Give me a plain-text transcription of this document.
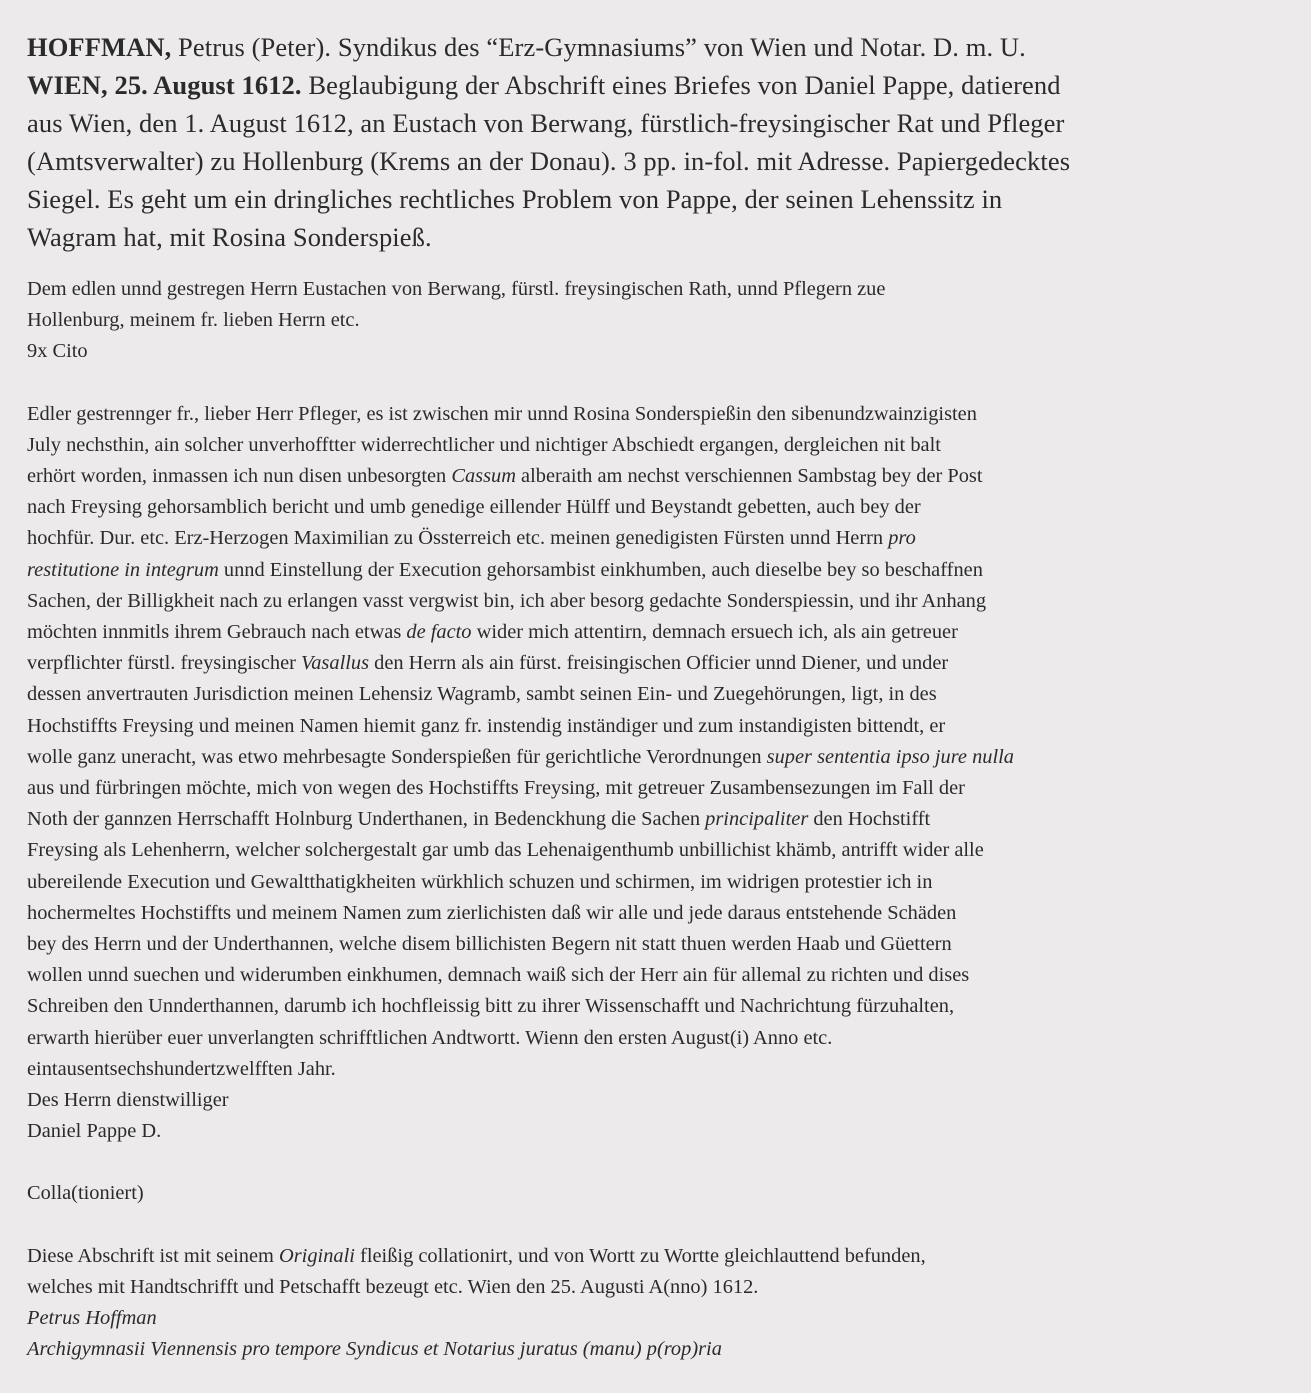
HOFFMAN, Petrus (Peter). Syndikus des “Erz-Gymnasiums” von Wien und Notar. D. m. U.
WIEN, 25. August 1612. Beglaubigung der Abschrift eines Briefes von Daniel Pappe, datierend
aus Wien, den 1. August 1612, an Eustach von Berwang, fürstlich-freysingischer Rat und Pfleger
(Amtsverwalter) zu Hollenburg (Krems an der Donau). 3 pp. in-fol. mit Adresse. Papiergedecktes
Siegel. Es geht um ein dringliches rechtliches Problem von Pappe, der seinen Lehenssitz in
Wagram hat, mit Rosina Sonderspieß.
Dem edlen unnd gestregen Herrn Eustachen von Berwang, fürstl. freysingischen Rath, unnd Pflegern zue
Hollenburg, meinem fr. lieben Herrn etc.
9x Cito
Edler gestrennger fr., lieber Herr Pfleger, es ist zwischen mir unnd Rosina Sonderspießin den sibenundzwainzigisten
July nechsthin, ain solcher unverhofftter widerrechtlicher und nichtiger Abschiedt ergangen, dergleichen nit balt
erhört worden, inmassen ich nun disen unbesorgten Cassum alberaith am nechst verschiennen Sambstag bey der Post
nach Freysing gehorsamblich bericht und umb genedige eillender Hülff und Beystandt gebetten, auch bey der
hochfür. Dur. etc. Erz-Herzogen Maximilian zu Össterreich etc. meinen genedigisten Fürsten unnd Herrn pro
restitutione in integrum unnd Einstellung der Execution gehorsambist einkhumben, auch dieselbe bey so beschaffnen
Sachen, der Billigkheit nach zu erlangen vasst vergwist bin, ich aber besorg gedachte Sonderspiessin, und ihr Anhang
möchten innmitls ihrem Gebrauch nach etwas de facto wider mich attentirn, demnach ersuech ich, als ain getreuer
verpflichter fürstl. freysingischer Vasallus den Herrn als ain fürst. freisingischen Officier unnd Diener, und under
dessen anvertrauten Jurisdiction meinen Lehensiz Wagramb, sambt seinen Ein- und Zuegehörungen, ligt, in des
Hochstiffts Freysing und meinen Namen hiemit ganz fr. instendig inständiger und zum instandigisten bittendt, er
wolle ganz uneracht, was etwo mehrbesagte Sonderspießen für gerichtliche Verordnungen super sententia ipso jure nulla
aus und fürbringen möchte, mich von wegen des Hochstiffts Freysing, mit getreuer Zusambensezungen im Fall der
Noth der gannzen Herrschafft Holnburg Underthanen, in Bedenckhung die Sachen principaliter den Hochstifft
Freysing als Lehenherrn, welcher solchergestalt gar umb das Lehenaigenthumb unbillichist khämb, antrifft wider alle
ubereilende Execution und Gewaltthatigkheiten würkhlich schuzen und schirmen, im widrigen protestier ich in
hochermeltes Hochstiffts und meinem Namen zum zierlichisten daß wir alle und jede daraus entstehende Schäden
bey des Herrn und der Underthannen, welche disem billichisten Begern nit statt thuen werden Haab und Güettern
wollen unnd suechen und widerumben einkhumen, demnach waiß sich der Herr ain für allemal zu richten und dises
Schreiben den Unnderthannen, darumb ich hochfleissig bitt zu ihrer Wissenschafft und Nachrichtung fürzuhalten,
erwarth hierüber euer unverlangten schrifftlichen Andtwortt. Wienn den ersten August(i) Anno etc.
eintausentsechshundertzwelfften Jahr.
Des Herrn dienstwilliger
Daniel Pappe D.
Colla(tioniert)
Diese Abschrift ist mit seinem Originali fleißig collationirt, und von Wortt zu Wortte gleichlauttend befunden,
welches mit Handtschrifft und Petschafft bezeugt etc. Wien den 25. Augusti A(nno) 1612.
Petrus Hoffman
Archigymnasii Viennensis pro tempore Syndicus et Notarius juratus (manu) p(rop)ria
